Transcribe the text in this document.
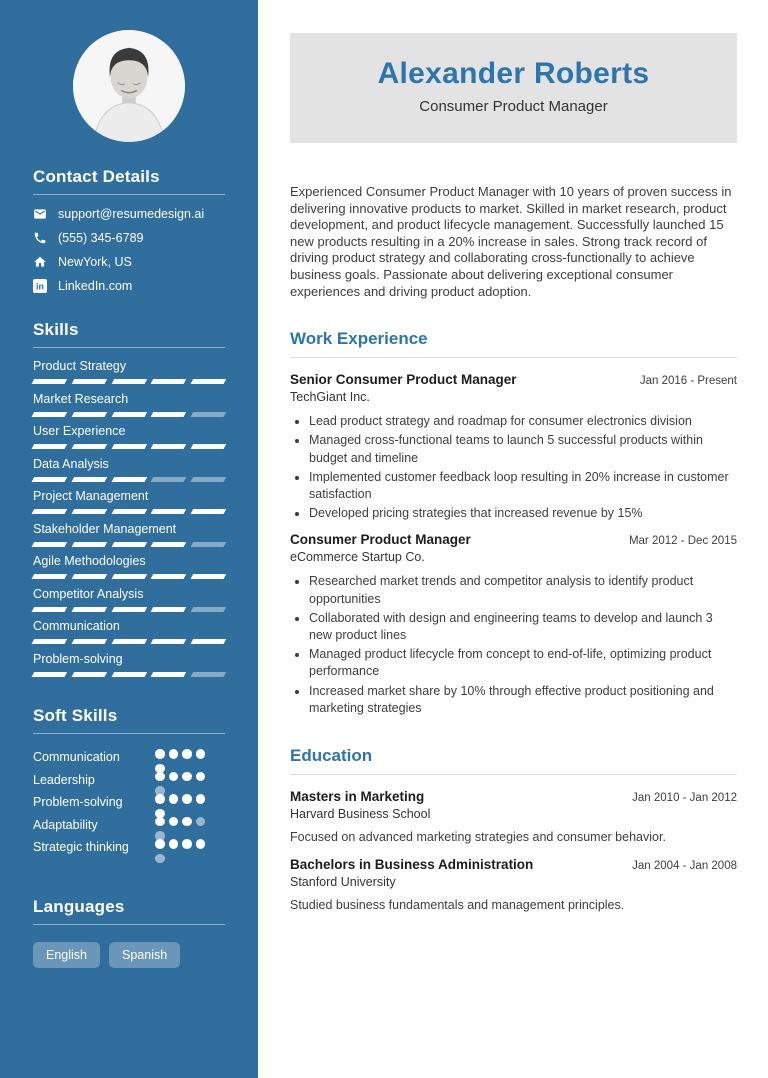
Contact Details
support@resumedesign.ai
(555) 345-6789
NewYork, US
in LinkedIn.com
Skills
Product Strategy
Market Research
User Experience
Data Analysis
Project Management
Stakeholder Management
Agile Methodologies
Competitor Analysis
Communication
Problem-solving
Soft Skills
Communication
Leadership
Problem-solving
Adaptability
Strategic thinking
Languages
English	Spanish
Alexander Roberts
Consumer Product Manager

Experienced Consumer Product Manager with 10 years of proven success in delivering innovative products to market. Skilled in market research, product development, and product lifecycle management. Successfully launched 15 new products resulting in a 20% increase in sales. Strong track record of driving product strategy and collaborating cross-functionally to achieve business goals. Passionate about delivering exceptional consumer experiences and driving product adoption.

Work Experience
Senior Consumer Product Manager	Jan 2016 - Present
TechGiant Inc.
• Lead product strategy and roadmap for consumer electronics division
• Managed cross-functional teams to launch 5 successful products within budget and timeline
• Implemented customer feedback loop resulting in 20% increase in customer satisfaction
• Developed pricing strategies that increased revenue by 15%
Consumer Product Manager	Mar 2012 - Dec 2015
eCommerce Startup Co.
• Researched market trends and competitor analysis to identify product opportunities
• Collaborated with design and engineering teams to develop and launch 3 new product lines
• Managed product lifecycle from concept to end-of-life, optimizing product performance
• Increased market share by 10% through effective product positioning and marketing strategies
Education
Masters in Marketing	Jan 2010 - Jan 2012
Harvard Business School

Focused on advanced marketing strategies and consumer behavior.

Bachelors in Business Administration	Jan 2004 - Jan 2008
Stanford University

Studied business fundamentals and management principles.
